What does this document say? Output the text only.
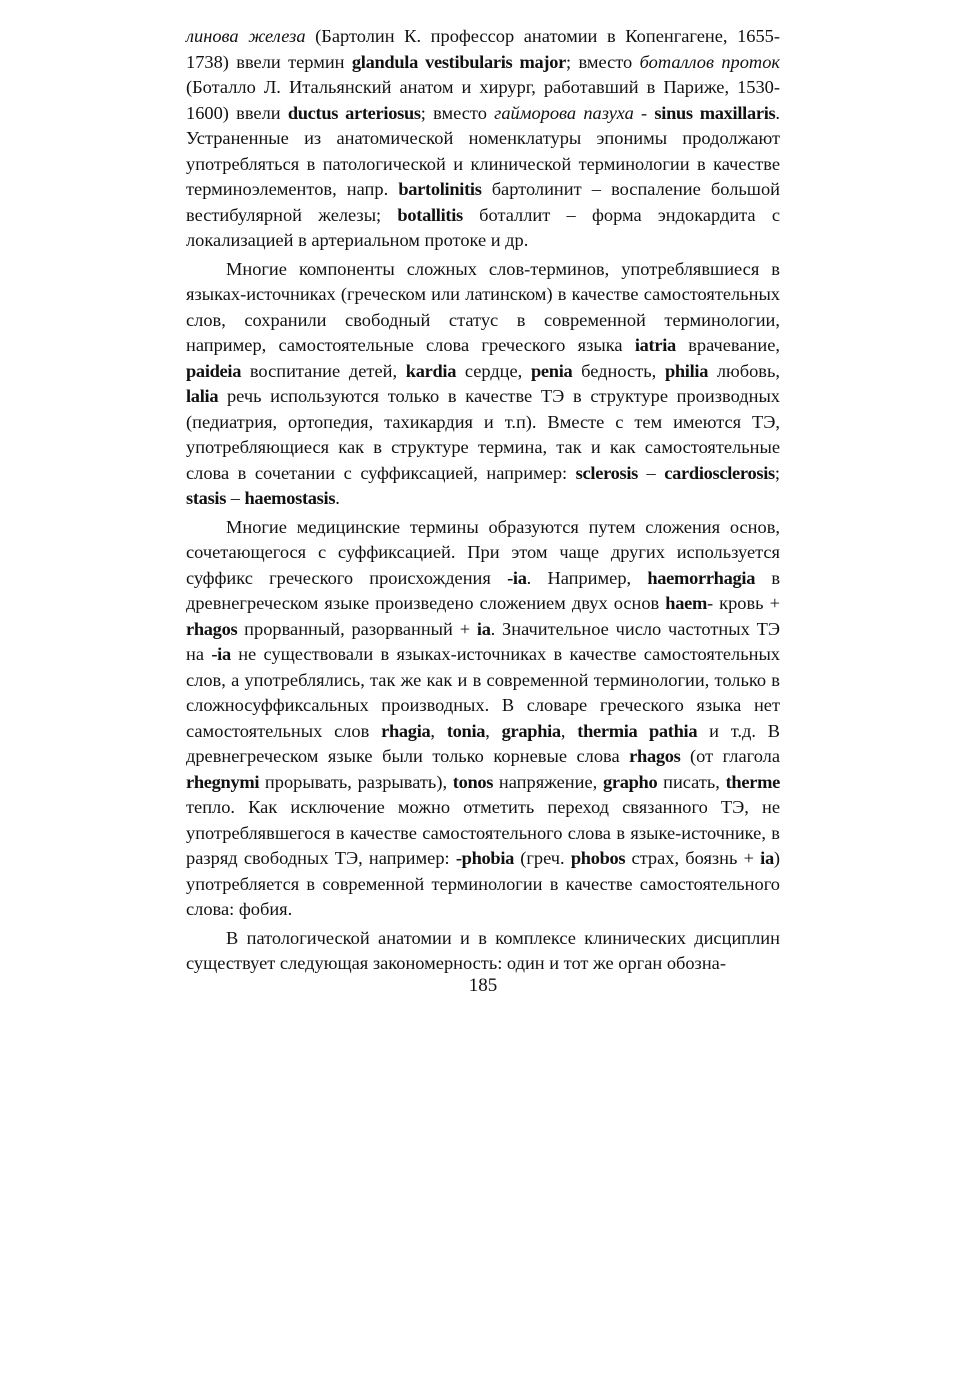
линова железа (Бартолин К. профессор анатомии в Копенгагене, 1655-1738) ввели термин glandula vestibularis major; вместо боталлов проток (Боталло Л. Итальянский анатом и хирург, работавший в Париже, 1530-1600) ввели ductus arteriosus; вместо гайморова пазуха - sinus maxillaris. Устраненные из анатомической номенклатуры эпонимы продолжают употребляться в патологической и клинической терминологии в качестве терминоэлементов, напр. bartolinitis бартолинит – воспаление большой вестибулярной железы; botallitis боталлит – форма эндокардита с локализацией в артериальном протоке и др.

Многие компоненты сложных слов-терминов, употреблявшиеся в языках-источниках (греческом или латинском) в качестве самостоятельных слов, сохранили свободный статус в современной терминологии, например, самостоятельные слова греческого языка iatria врачевание, paideia воспитание детей, kardia сердце, penia бедность, philia любовь, lalia речь используются только в качестве ТЭ в структуре производных (педиатрия, ортопедия, тахикардия и т.п). Вместе с тем имеются ТЭ, употребляющиеся как в структуре термина, так и как самостоятельные слова в сочетании с суффиксацией, например: sclerosis – cardiosclerosis; stasis – haemostasis.

Многие медицинские термины образуются путем сложения основ, сочетающегося с суффиксацией. При этом чаще других используется суффикс греческого происхождения -ia. Например, haemorrhagia в древнегреческом языке произведено сложением двух основ haem- кровь + rhagos прорванный, разорванный + ia. Значительное число частотных ТЭ на -ia не существовали в языках-источниках в качестве самостоятельных слов, а употреблялись, так же как и в современной терминологии, только в сложносуффиксальных производных. В словаре греческого языка нет самостоятельных слов rhagia, tonia, graphia, thermia pathia и т.д. В древнегреческом языке были только корневые слова rhagos (от глагола rhegnymi прорывать, разрывать), tonos напряжение, grapho писать, therme тепло. Как исключение можно отметить переход связанного ТЭ, не употреблявшегося в качестве самостоятельного слова в языке-источнике, в разряд свободных ТЭ, например: -phobia (греч. phobos страх, боязнь + ia) употребляется в современной терминологии в качестве самостоятельного слова: фобия.

В патологической анатомии и в комплексе клинических дисциплин существует следующая закономерность: один и тот же орган обозна-

185
